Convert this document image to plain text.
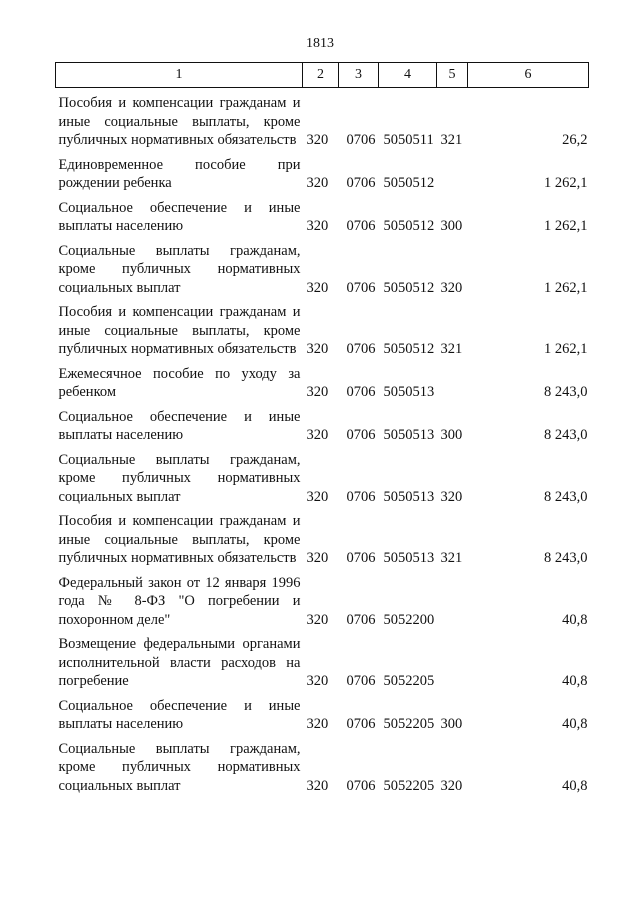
1813
1	2	3	4	5	6
Пособия и компенсации гражданам и иные социальные выплаты, кроме публичных нормативных обязательств	320	0706	5050511	321	26,2
Единовременное пособие при рождении ребенка	320	0706	5050512		1 262,1
Социальное обеспечение и иные выплаты населению	320	0706	5050512	300	1 262,1
Социальные выплаты гражданам, кроме публичных нормативных социальных выплат	320	0706	5050512	320	1 262,1
Пособия и компенсации гражданам и иные социальные выплаты, кроме публичных нормативных обязательств	320	0706	5050512	321	1 262,1
Ежемесячное пособие по уходу за ребенком	320	0706	5050513		8 243,0
Социальное обеспечение и иные выплаты населению	320	0706	5050513	300	8 243,0
Социальные выплаты гражданам, кроме публичных нормативных социальных выплат	320	0706	5050513	320	8 243,0
Пособия и компенсации гражданам и иные социальные выплаты, кроме публичных нормативных обязательств	320	0706	5050513	321	8 243,0
Федеральный закон от 12 января 1996 года № 8-ФЗ "О погребении и похоронном деле"	320	0706	5052200		40,8
Возмещение федеральными органами исполнительной власти расходов на погребение	320	0706	5052205		40,8
Социальное обеспечение и иные выплаты населению	320	0706	5052205	300	40,8
Социальные выплаты гражданам, кроме публичных нормативных социальных выплат	320	0706	5052205	320	40,8
